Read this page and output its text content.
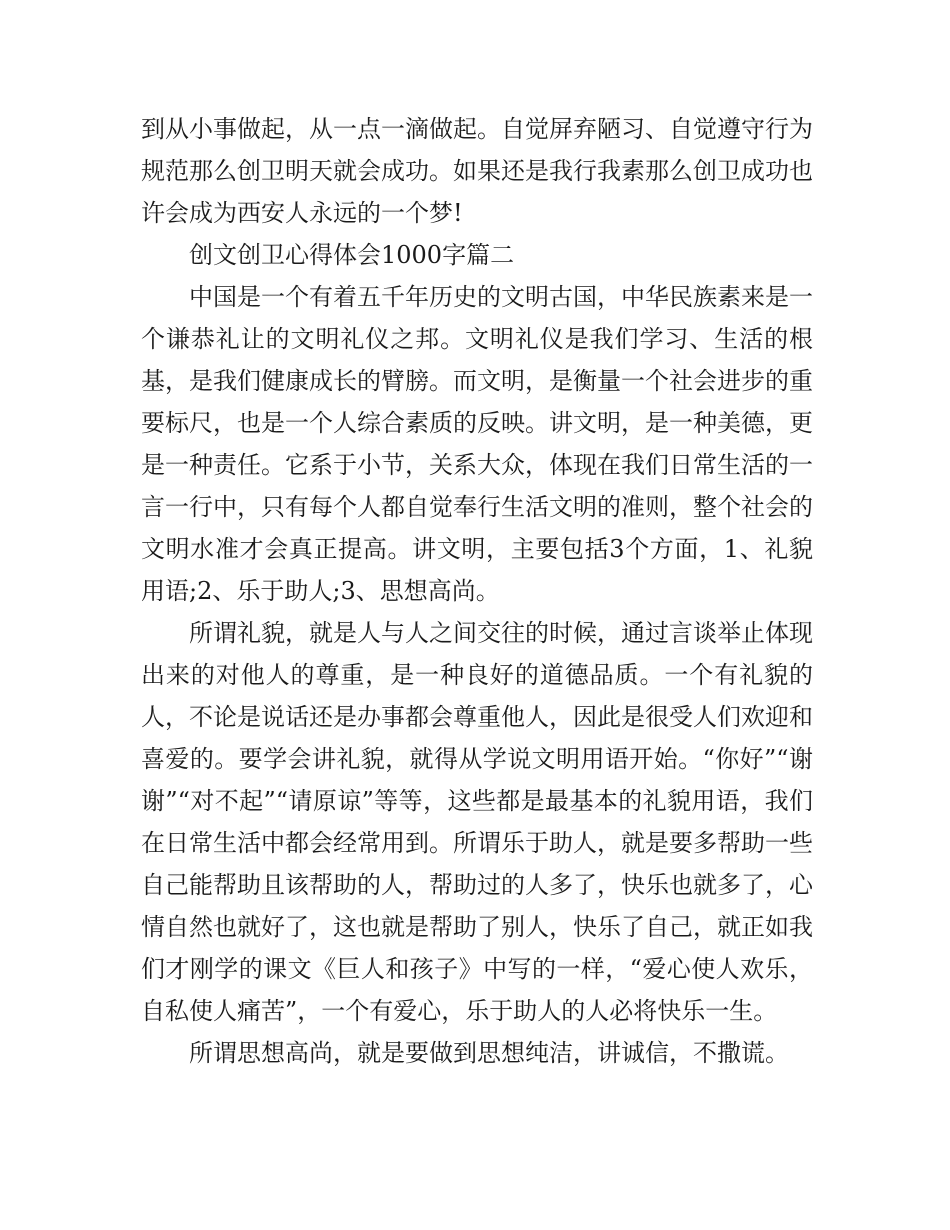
到从小事做起，从一点一滴做起。自觉屏弃陋习、自觉遵守行为规范那么创卫明天就会成功。如果还是我行我素那么创卫成功也许会成为西安人永远的一个梦!

创文创卫心得体会1000字篇二

中国是一个有着五千年历史的文明古国，中华民族素来是一个谦恭礼让的文明礼仪之邦。文明礼仪是我们学习、生活的根基，是我们健康成长的臂膀。而文明，是衡量一个社会进步的重要标尺，也是一个人综合素质的反映。讲文明，是一种美德，更是一种责任。它系于小节，关系大众，体现在我们日常生活的一言一行中，只有每个人都自觉奉行生活文明的准则，整个社会的文明水准才会真正提高。讲文明，主要包括3个方面，1、礼貌用语;2、乐于助人;3、思想高尚。

所谓礼貌，就是人与人之间交往的时候，通过言谈举止体现出来的对他人的尊重，是一种良好的道德品质。一个有礼貌的人，不论是说话还是办事都会尊重他人，因此是很受人们欢迎和喜爱的。要学会讲礼貌，就得从学说文明用语开始。“你好”“谢谢”“对不起”“请原谅”等等，这些都是最基本的礼貌用语，我们在日常生活中都会经常用到。所谓乐于助人，就是要多帮助一些自己能帮助且该帮助的人，帮助过的人多了，快乐也就多了，心情自然也就好了，这也就是帮助了别人，快乐了自己，就正如我们才刚学的课文《巨人和孩子》中写的一样，“爱心使人欢乐，自私使人痛苦”，一个有爱心，乐于助人的人必将快乐一生。

所谓思想高尚，就是要做到思想纯洁，讲诚信，不撒谎。
